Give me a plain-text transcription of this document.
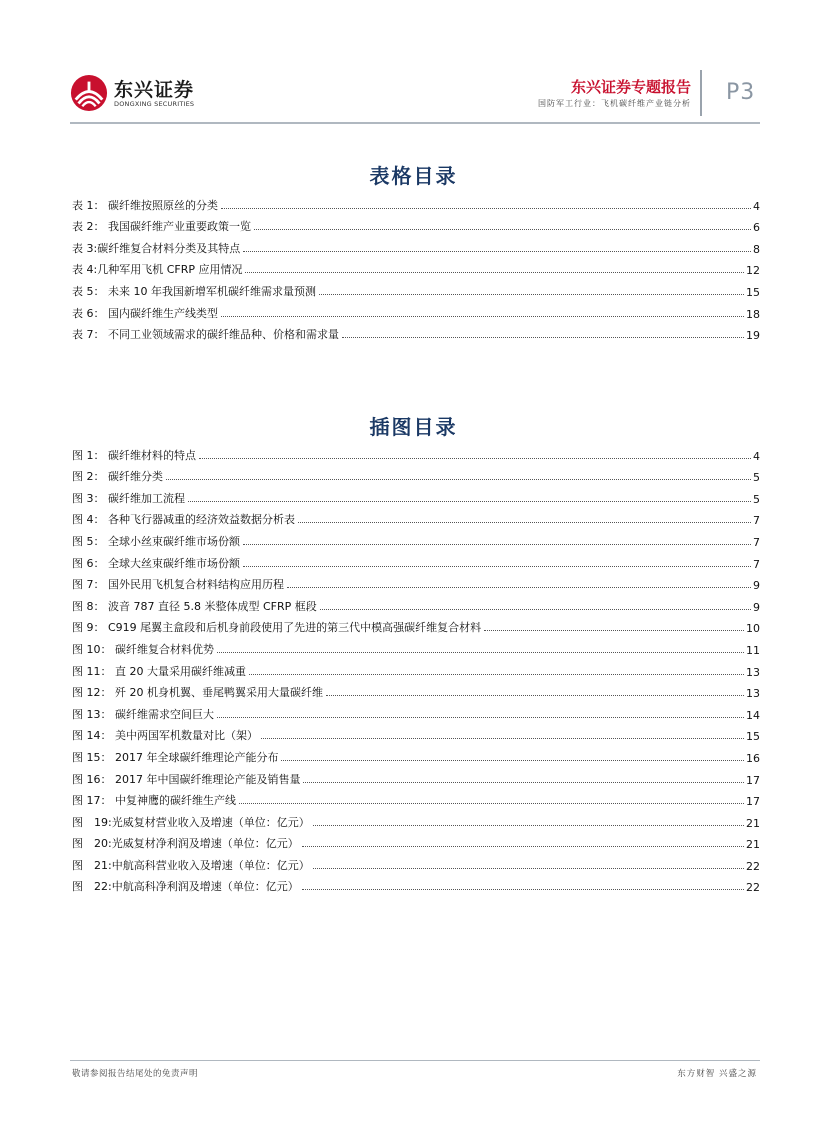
东兴证券
DONGXING SECURITIES
东兴证券专题报告
国防军工行业：飞机碳纤维产业链分析 P3
表格目录
表 1： 碳纤维按照原丝的分类	4
表 2： 我国碳纤维产业重要政策一览	6
表 3:碳纤维复合材料分类及其特点	8
表 4:几种军用飞机 CFRP 应用情况	12
表 5： 未来 10 年我国新增军机碳纤维需求量预测	15
表 6： 国内碳纤维生产线类型	18
表 7： 不同工业领域需求的碳纤维品种、价格和需求量	19
插图目录
图 1： 碳纤维材料的特点	4
图 2： 碳纤维分类	5
图 3： 碳纤维加工流程	5
图 4： 各种飞行器减重的经济效益数据分析表	7
图 5： 全球小丝束碳纤维市场份额	7
图 6： 全球大丝束碳纤维市场份额	7
图 7： 国外民用飞机复合材料结构应用历程	9
图 8： 波音 787 直径 5.8 米整体成型 CFRP 框段	9
图 9： C919 尾翼主盒段和后机身前段使用了先进的第三代中模高强碳纤维复合材料	10
图 10： 碳纤维复合材料优势	11
图 11： 直 20 大量采用碳纤维减重	13
图 12： 歼 20 机身机翼、垂尾鸭翼采用大量碳纤维	13
图 13： 碳纤维需求空间巨大	14
图 14： 美中两国军机数量对比（架）	15
图 15： 2017 年全球碳纤维理论产能分布	16
图 16： 2017 年中国碳纤维理论产能及销售量	17
图 17： 中复神鹰的碳纤维生产线	17
图　19:光威复材营业收入及增速（单位：亿元）	21
图　20:光威复材净利润及增速（单位：亿元）	21
图　21:中航高科营业收入及增速（单位：亿元）	22
图　22:中航高科净利润及增速（单位：亿元）	22
敬请参阅报告结尾处的免责声明	东方财智 兴盛之源
